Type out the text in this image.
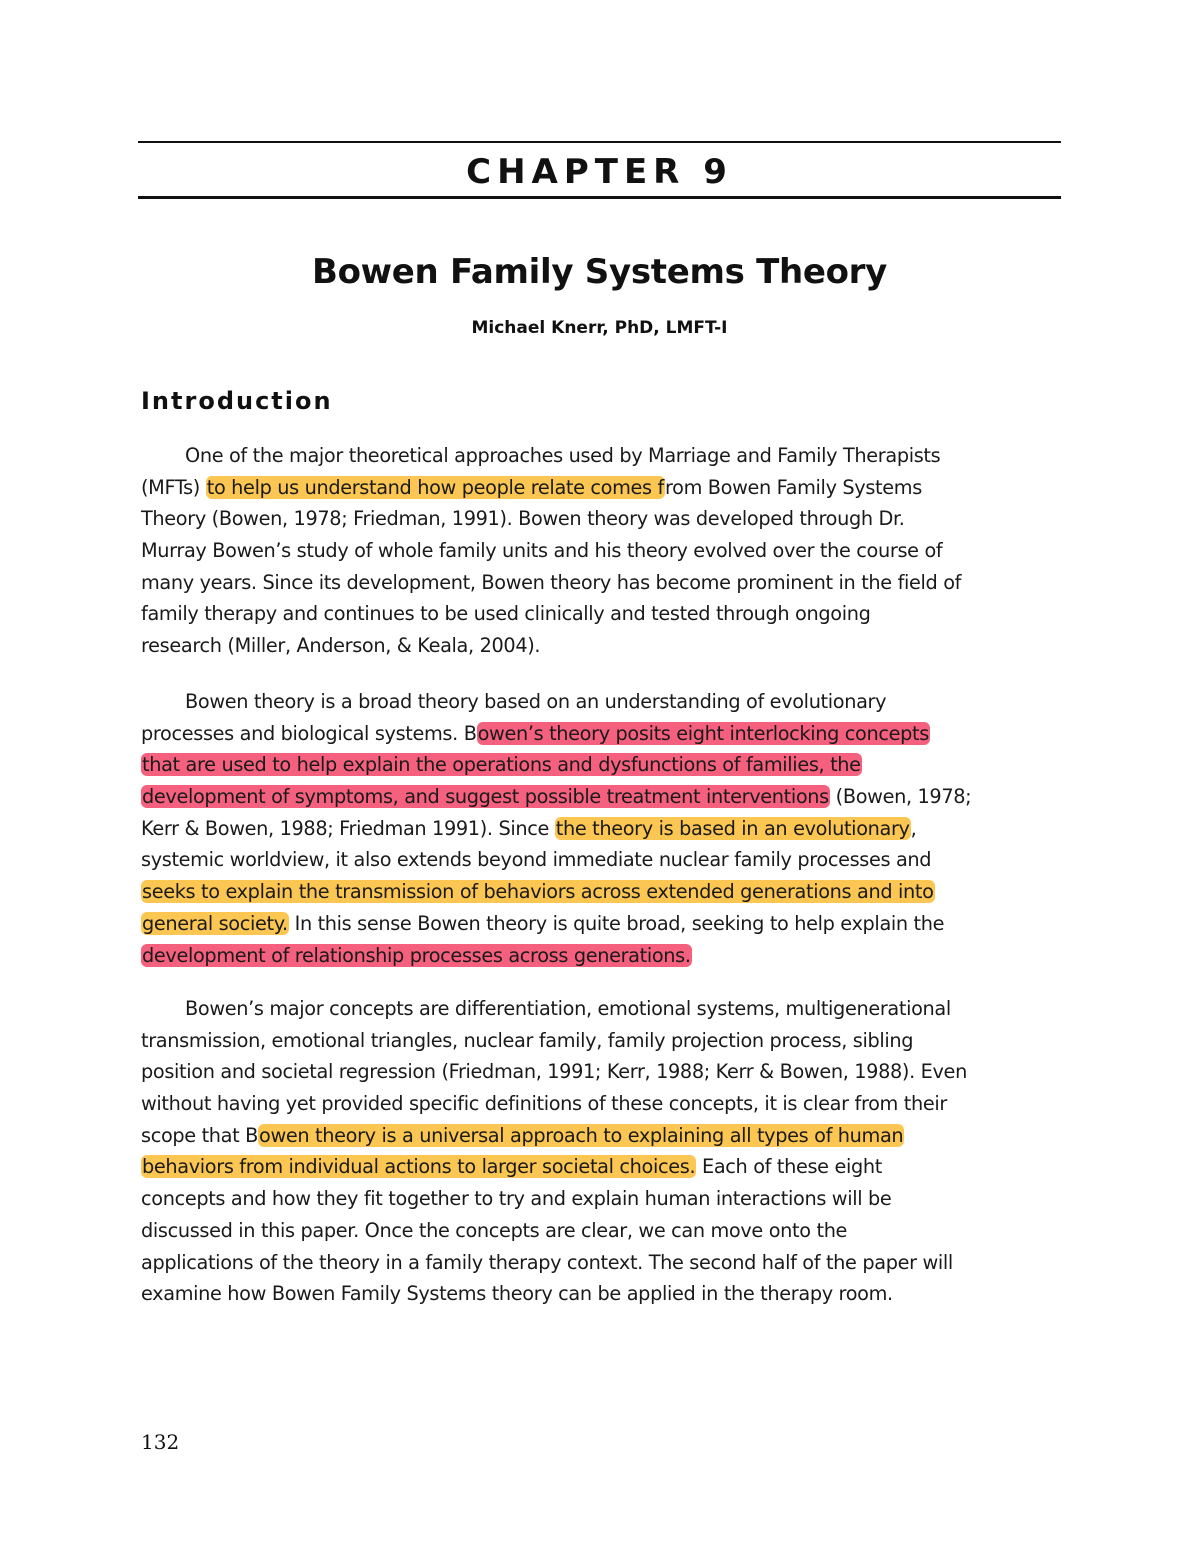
CHAPTER 9
Bowen Family Systems Theory
Michael Knerr, PhD, LMFT-I
Introduction
One of the major theoretical approaches used by Marriage and Family Therapists
(MFTs) to help us understand how people relate comes from Bowen Family Systems
Theory (Bowen, 1978; Friedman, 1991). Bowen theory was developed through Dr.
Murray Bowen’s study of whole family units and his theory evolved over the course of
many years. Since its development, Bowen theory has become prominent in the field of
family therapy and continues to be used clinically and tested through ongoing
research (Miller, Anderson, & Keala, 2004).
Bowen theory is a broad theory based on an understanding of evolutionary
processes and biological systems. Bowen’s theory posits eight interlocking concepts
that are used to help explain the operations and dysfunctions of families, the
development of symptoms, and suggest possible treatment interventions (Bowen, 1978;
Kerr & Bowen, 1988; Friedman 1991). Since the theory is based in an evolutionary,
systemic worldview, it also extends beyond immediate nuclear family processes and
seeks to explain the transmission of behaviors across extended generations and into
general society. In this sense Bowen theory is quite broad, seeking to help explain the
development of relationship processes across generations.
Bowen’s major concepts are differentiation, emotional systems, multigenerational
transmission, emotional triangles, nuclear family, family projection process, sibling
position and societal regression (Friedman, 1991; Kerr, 1988; Kerr & Bowen, 1988). Even
without having yet provided specific definitions of these concepts, it is clear from their
scope that Bowen theory is a universal approach to explaining all types of human
behaviors from individual actions to larger societal choices. Each of these eight
concepts and how they fit together to try and explain human interactions will be
discussed in this paper. Once the concepts are clear, we can move onto the
applications of the theory in a family therapy context. The second half of the paper will
examine how Bowen Family Systems theory can be applied in the therapy room.
132
